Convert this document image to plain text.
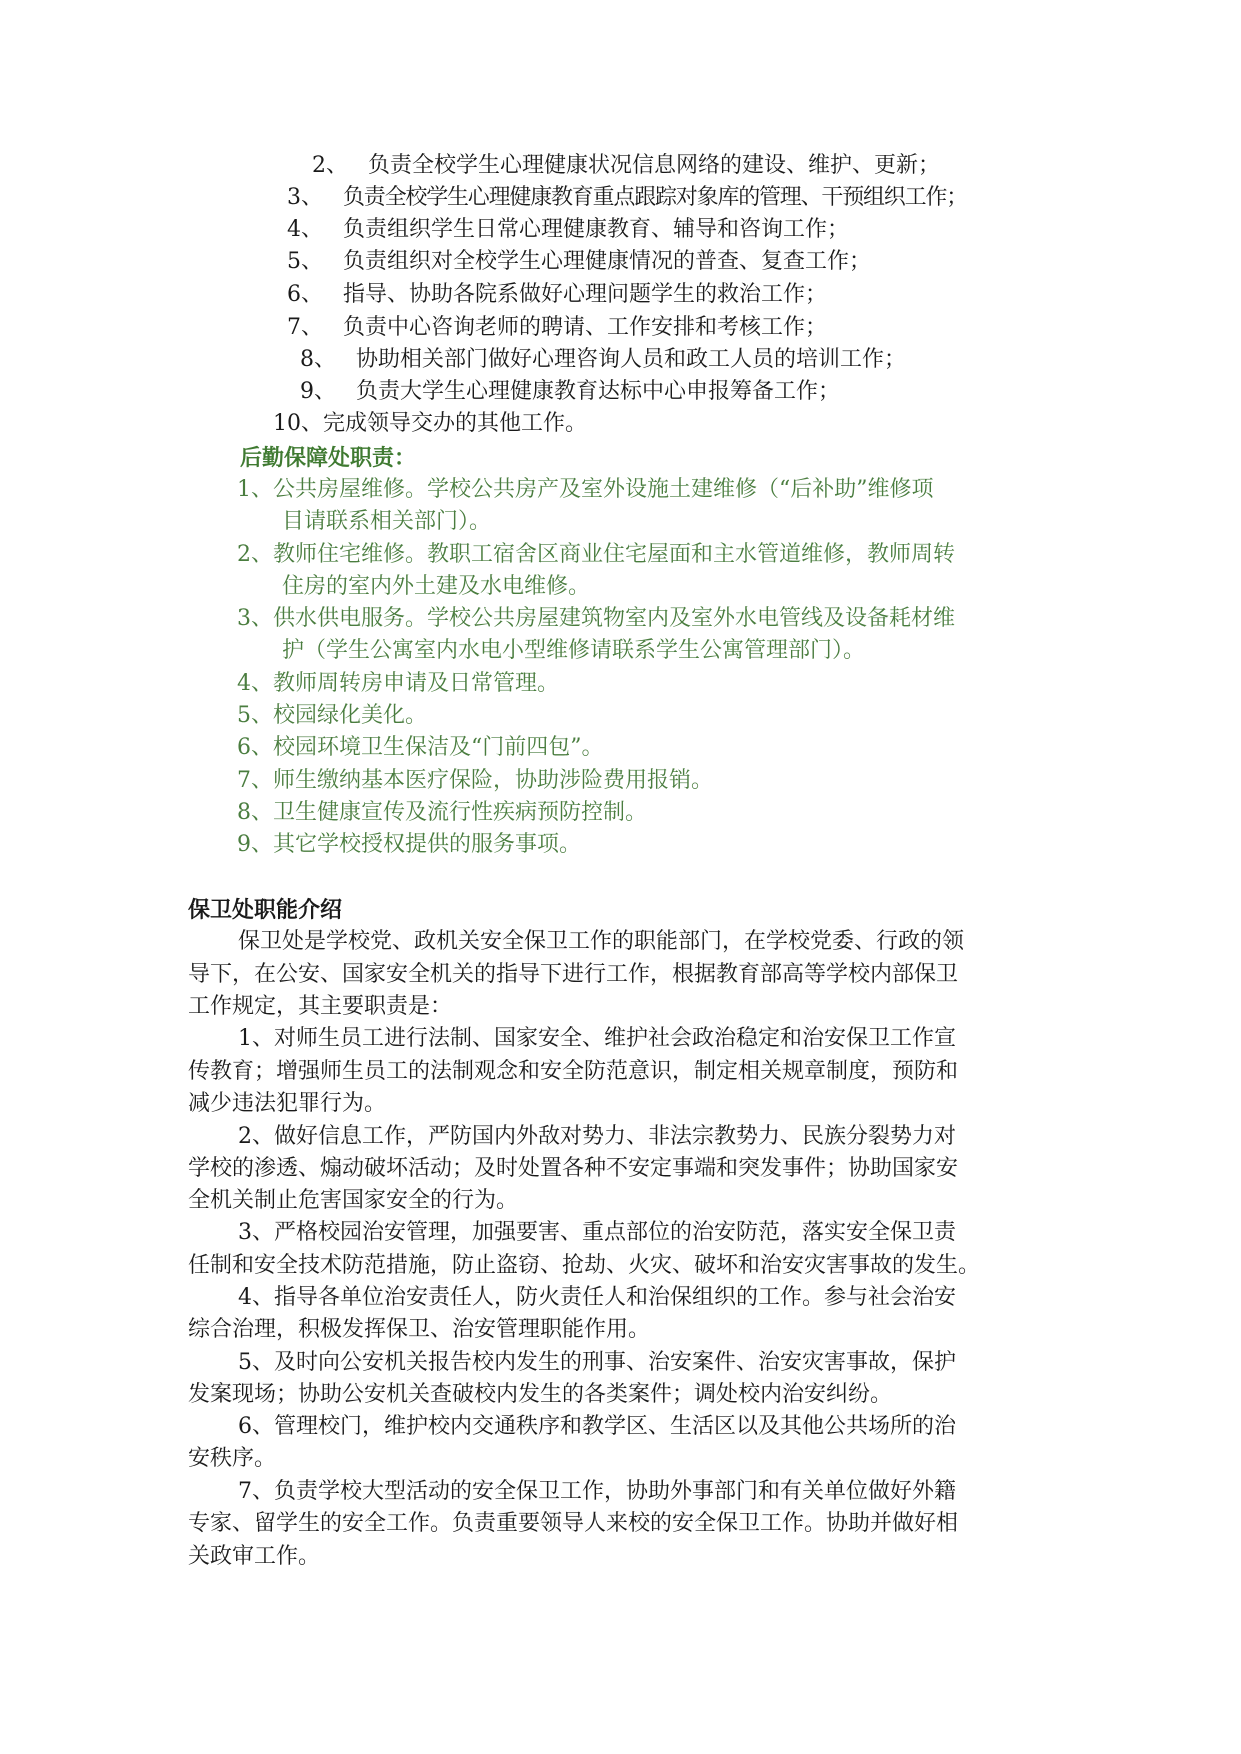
2、 负责全校学生心理健康状况信息网络的建设、维护、更新；
3、 负责全校学生心理健康教育重点跟踪对象库的管理、干预组织工作；
4、 负责组织学生日常心理健康教育、辅导和咨询工作；
5、 负责组织对全校学生心理健康情况的普查、复查工作；
6、 指导、协助各院系做好心理问题学生的救治工作；
7、 负责中心咨询老师的聘请、工作安排和考核工作；
8、 协助相关部门做好心理咨询人员和政工人员的培训工作；
9、 负责大学生心理健康教育达标中心申报筹备工作；
10、完成领导交办的其他工作。
后勤保障处职责：
1、公共房屋维修。学校公共房产及室外设施土建维修（“后补助”维修项
目请联系相关部门）。
2、教师住宅维修。教职工宿舍区商业住宅屋面和主水管道维修，教师周转
住房的室内外土建及水电维修。
3、供水供电服务。学校公共房屋建筑物室内及室外水电管线及设备耗材维
护（学生公寓室内水电小型维修请联系学生公寓管理部门）。
4、教师周转房申请及日常管理。
5、校园绿化美化。
6、校园环境卫生保洁及“门前四包”。
7、师生缴纳基本医疗保险，协助涉险费用报销。
8、卫生健康宣传及流行性疾病预防控制。
9、其它学校授权提供的服务事项。
保卫处职能介绍
保卫处是学校党、政机关安全保卫工作的职能部门，在学校党委、行政的领
导下，在公安、国家安全机关的指导下进行工作，根据教育部高等学校内部保卫
工作规定，其主要职责是：
1、对师生员工进行法制、国家安全、维护社会政治稳定和治安保卫工作宣
传教育；增强师生员工的法制观念和安全防范意识，制定相关规章制度，预防和
减少违法犯罪行为。
2、做好信息工作，严防国内外敌对势力、非法宗教势力、民族分裂势力对
学校的渗透、煽动破坏活动；及时处置各种不安定事端和突发事件；协助国家安
全机关制止危害国家安全的行为。
3、严格校园治安管理，加强要害、重点部位的治安防范，落实安全保卫责
任制和安全技术防范措施，防止盗窃、抢劫、火灾、破坏和治安灾害事故的发生。
4、指导各单位治安责任人，防火责任人和治保组织的工作。参与社会治安
综合治理，积极发挥保卫、治安管理职能作用。
5、及时向公安机关报告校内发生的刑事、治安案件、治安灾害事故，保护
发案现场；协助公安机关查破校内发生的各类案件；调处校内治安纠纷。
6、管理校门，维护校内交通秩序和教学区、生活区以及其他公共场所的治
安秩序。
7、负责学校大型活动的安全保卫工作，协助外事部门和有关单位做好外籍
专家、留学生的安全工作。负责重要领导人来校的安全保卫工作。协助并做好相
关政审工作。
